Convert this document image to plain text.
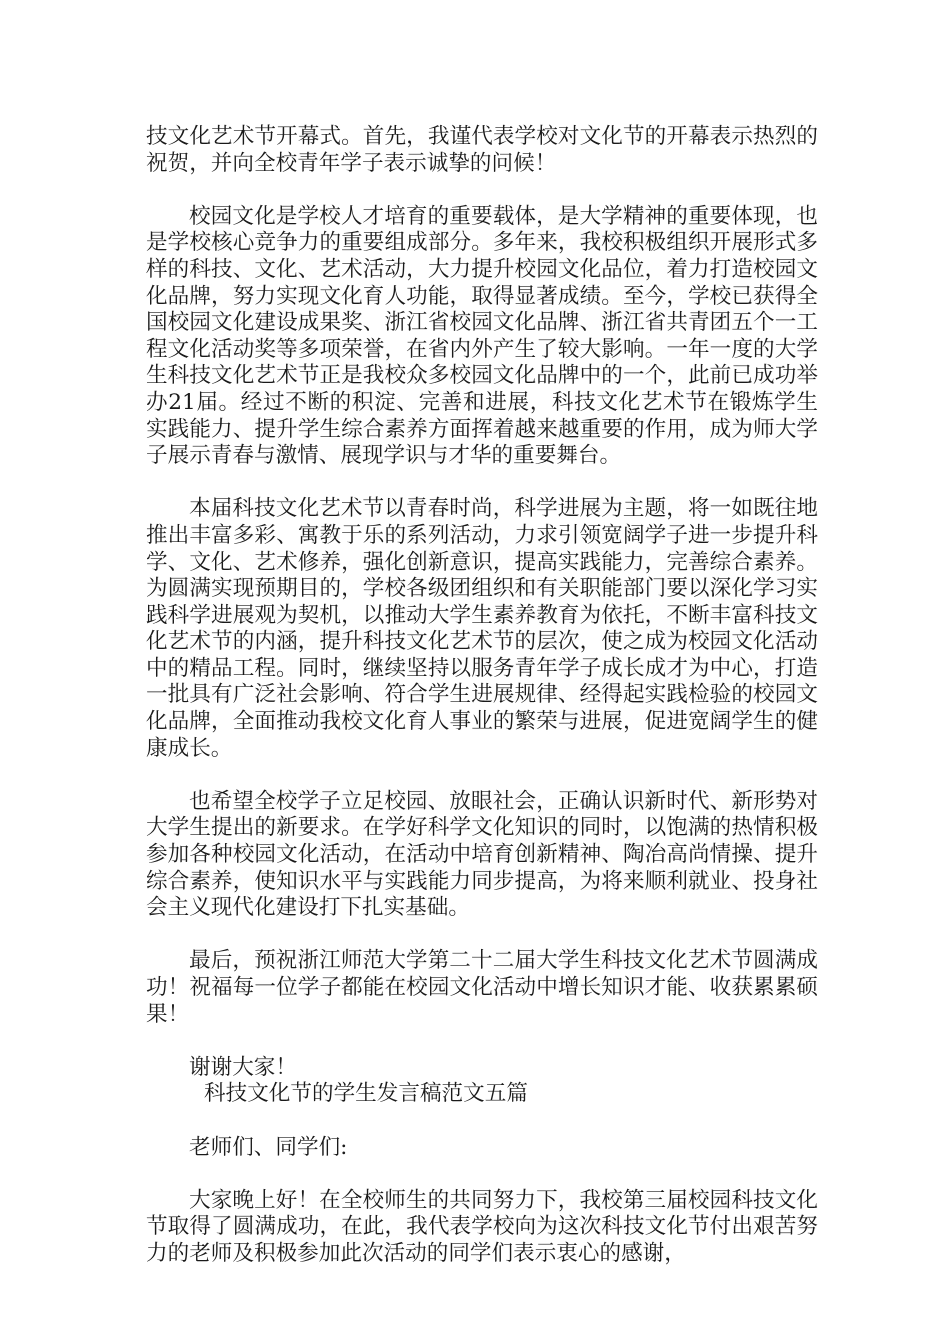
技文化艺术节开幕式。首先，我谨代表学校对文化节的开幕表示热烈的祝贺，并向全校青年学子表示诚挚的问候！

校园文化是学校人才培育的重要载体，是大学精神的重要体现，也是学校核心竞争力的重要组成部分。多年来，我校积极组织开展形式多样的科技、文化、艺术活动，大力提升校园文化品位，着力打造校园文化品牌，努力实现文化育人功能，取得显著成绩。至今，学校已获得全国校园文化建设成果奖、浙江省校园文化品牌、浙江省共青团五个一工程文化活动奖等多项荣誉，在省内外产生了较大影响。一年一度的大学生科技文化艺术节正是我校众多校园文化品牌中的一个，此前已成功举办21届。经过不断的积淀、完善和进展，科技文化艺术节在锻炼学生实践能力、提升学生综合素养方面挥着越来越重要的作用，成为师大学子展示青春与激情、展现学识与才华的重要舞台。

本届科技文化艺术节以青春时尚，科学进展为主题，将一如既往地推出丰富多彩、寓教于乐的系列活动，力求引领宽阔学子进一步提升科学、文化、艺术修养，强化创新意识，提高实践能力，完善综合素养。为圆满实现预期目的，学校各级团组织和有关职能部门要以深化学习实践科学进展观为契机，以推动大学生素养教育为依托，不断丰富科技文化艺术节的内涵，提升科技文化艺术节的层次，使之成为校园文化活动中的精品工程。同时，继续坚持以服务青年学子成长成才为中心，打造一批具有广泛社会影响、符合学生进展规律、经得起实践检验的校园文化品牌，全面推动我校文化育人事业的繁荣与进展，促进宽阔学生的健康成长。

也希望全校学子立足校园、放眼社会，正确认识新时代、新形势对大学生提出的新要求。在学好科学文化知识的同时，以饱满的热情积极参加各种校园文化活动，在活动中培育创新精神、陶冶高尚情操、提升综合素养，使知识水平与实践能力同步提高，为将来顺利就业、投身社会主义现代化建设打下扎实基础。

最后，预祝浙江师范大学第二十二届大学生科技文化艺术节圆满成功！祝福每一位学子都能在校园文化活动中增长知识才能、收获累累硕果！

谢谢大家！

科技文化节的学生发言稿范文五篇

老师们、同学们:

大家晚上好！在全校师生的共同努力下，我校第三届校园科技文化节取得了圆满成功，在此，我代表学校向为这次科技文化节付出艰苦努力的老师及积极参加此次活动的同学们表示衷心的感谢，
